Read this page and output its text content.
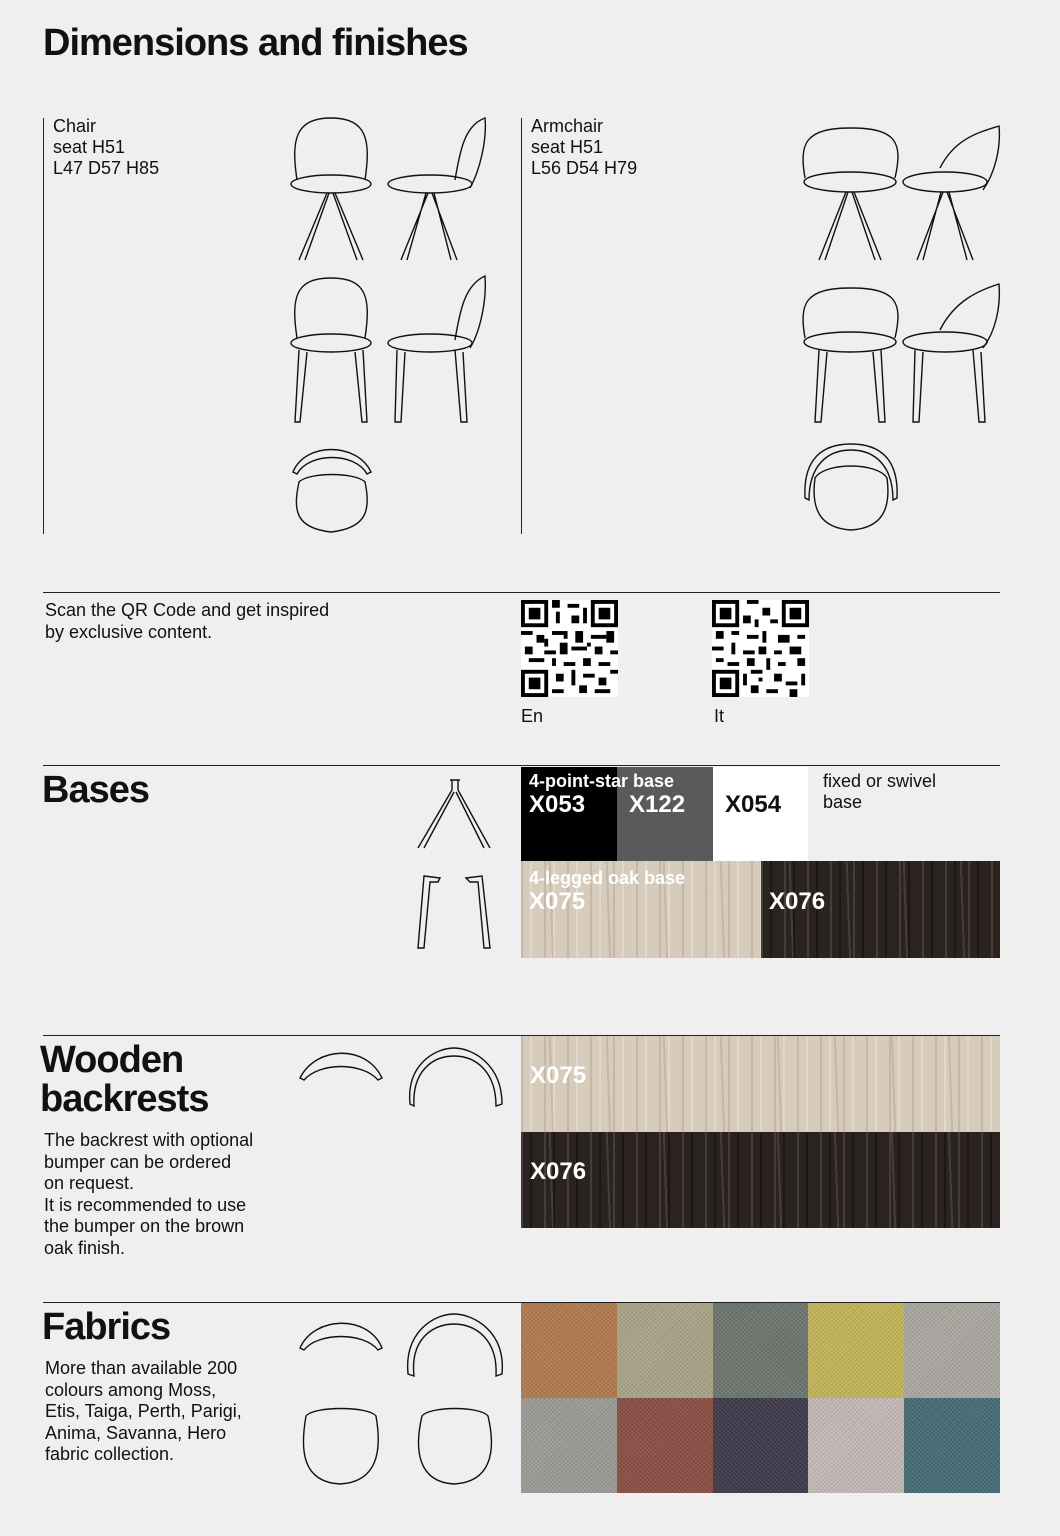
Dimensions and finishes
Chair
seat H51
L47 D57 H85
Armchair
seat H51
L56 D54 H79
Scan the QR Code and get inspired
by exclusive content.
En	It
Bases	4-point-star base
X053 X122 X054
fixed or swivel
base
4-legged oak base
X075	X076
Wooden
backrests
The backrest with optional
bumper can be ordered
on request.
It is recommended to use
the bumper on the brown
oak finish.
X075
X076
Fabrics
More than available 200
colours among Moss,
Etis, Taiga, Perth, Parigi,
Anima, Savanna, Hero
fabric collection.
